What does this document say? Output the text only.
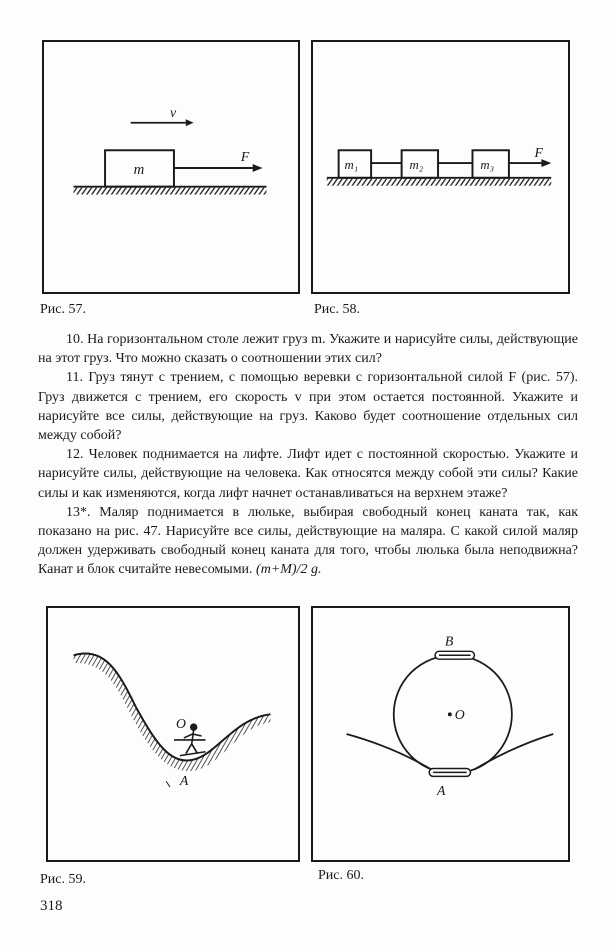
m
F
v
Рис. 57.
F
m₁	m₂	m₃
Рис. 58.

10. На горизонтальном столе лежит груз m. Укажите и нарисуйте силы, действующие на этот груз. Что можно сказать о соотношении этих сил?

11. Груз тянут с трением, с помощью веревки с горизонтальной силой F (рис. 57). Груз движется с трением, его скорость v при этом остается постоянной. Укажите и нарисуйте все силы, действующие на груз. Каково будет соотношение отдельных сил между собой?

12. Человек поднимается на лифте. Лифт идет с постоянной скоростью. Укажите и нарисуйте силы, действующие на человека. Как относятся между собой эти силы? Какие силы и как изменяются, когда лифт начнет останавливаться на верхнем этаже?

13*. Маляр поднимается в люльке, выбирая свободный конец каната так, как показано на рис. 47. Нарисуйте все силы, действующие на маляра. С какой силой маляр должен удерживать свободный конец каната для того, чтобы люлька была неподвижна? Канат и блок считайте невесомыми. (m+M)/2 g.

O
A
Рис. 59.
B
O
A
Рис. 60.
318
